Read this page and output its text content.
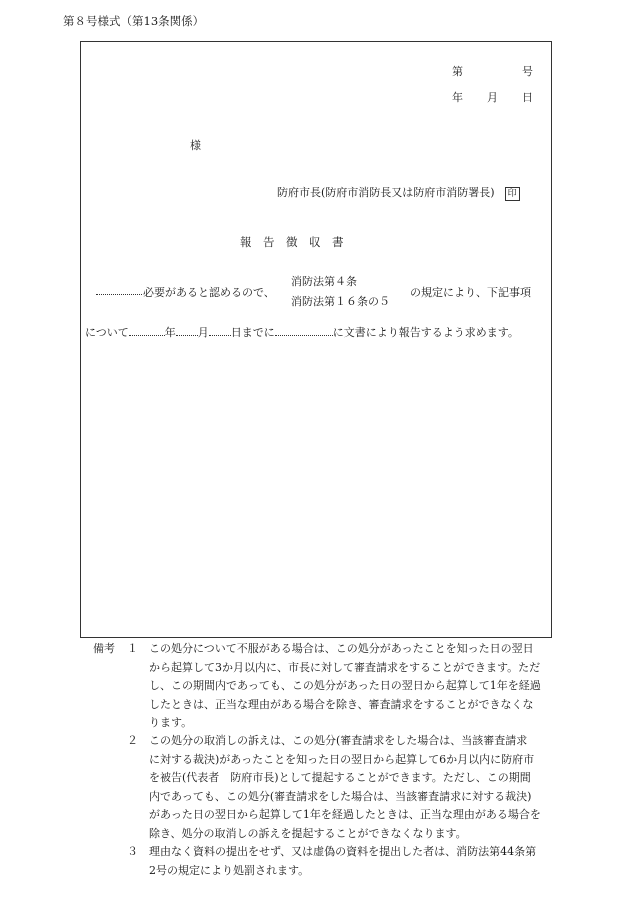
第８号様式（第13条関係）
第	号
年 月 日
様
防府市長(防府市消防長又は防府市消防署長) 印
報　告　徴　収　書
必要があると認めるので、
消防法第４条
消防法第１６条の５
の規定により、下記事項
について	年 月 日までに	に文書により報告するよう求めます。
備考 １　 この処分について不服がある場合は、この処分があったことを知った日の翌日
から起算して3か月以内に、市長に対して審査請求をすることができます。ただ
し、この期間内であっても、この処分があった日の翌日から起算して1年を経過
したときは、正当な理由がある場合を除き、審査請求をすることができなくな
ります。
２　 この処分の取消しの訴えは、この処分(審査請求をした場合は、当該審査請求
に対する裁決)があったことを知った日の翌日から起算して6か月以内に防府市
を被告(代表者　防府市長)として提起することができます。ただし、この期間
内であっても、この処分(審査請求をした場合は、当該審査請求に対する裁決)
があった日の翌日から起算して1年を経過したときは、正当な理由がある場合を
除き、処分の取消しの訴えを提起することができなくなります。
３　 理由なく資料の提出をせず、又は虚偽の資料を提出した者は、消防法第44条第
2号の規定により処罰されます。
